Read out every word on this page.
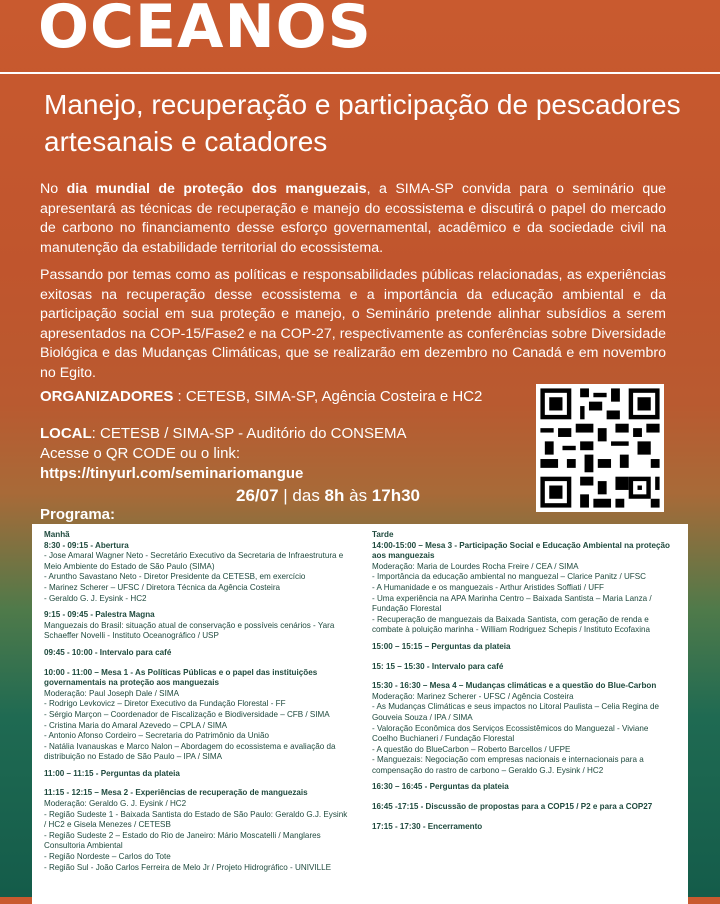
OCEANOS
Manejo, recuperação e participação de pescadores artesanais e catadores

No dia mundial de proteção dos manguezais, a SIMA-SP convida para o seminário que apresentará as técnicas de recuperação e manejo do ecossistema e discutirá o papel do mercado de carbono no financiamento desse esforço governamental, acadêmico e da sociedade civil na manutenção da estabilidade territorial do ecossistema.

Passando por temas como as políticas e responsabilidades públicas relacionadas, as experiências exitosas na recuperação desse ecossistema e a importância da educação ambiental e da participação social em sua proteção e manejo, o Seminário pretende alinhar subsídios a serem apresentados na COP-15/Fase2 e na COP-27, respectivamente as conferências sobre Diversidade Biológica e das Mudanças Climáticas, que se realizarão em dezembro no Canadá e em novembro no Egito.

ORGANIZADORES : CETESB, SIMA-SP, Agência Costeira e HC2
LOCAL: CETESB / SIMA-SP - Auditório do CONSEMA
Acesse o QR CODE ou o link:
https://tinyurl.com/seminariomangue
26/07 | das 8h às 17h30
Programa:
Manhã
8:30 - 09:15 - Abertura
- Jose Amaral Wagner Neto - Secretário Executivo da Secretaria de Infraestrutura e Meio Ambiente do Estado de São Paulo (SIMA)
- Aruntho Savastano Neto - Diretor Presidente da CETESB, em exercício
- Marinez Scherer – UFSC / Diretora Técnica da Agência Costeira
- Geraldo G. J. Eysink - HC2
9:15 - 09:45 - Palestra Magna
Manguezais do Brasil: situação atual de conservação e possíveis cenários - Yara Schaeffer Novelli - Instituto Oceanográfico / USP
09:45 - 10:00 - Intervalo para café
10:00 - 11:00 – Mesa 1 - As Políticas Públicas e o papel das instituições governamentais na proteção aos manguezais
Moderação: Paul Joseph Dale / SIMA
- Rodrigo Levkovicz – Diretor Executivo da Fundação Florestal - FF
- Sérgio Marçon – Coordenador de Fiscalização e Biodiversidade – CFB / SIMA
- Cristina Maria do Amaral Azevedo – CPLA / SIMA
- Antonio Afonso Cordeiro – Secretaria do Patrimônio da União
- Natália Ivanauskas e Marco Nalon – Abordagem do ecossistema e avaliação da distribuição no Estado de São Paulo – IPA / SIMA
11:00 – 11:15 - Perguntas da plateia
11:15 - 12:15 – Mesa 2 - Experiências de recuperação de manguezais
Moderação: Geraldo G. J. Eysink / HC2
- Região Sudeste 1 - Baixada Santista do Estado de São Paulo: Geraldo G.J. Eysink / HC2 e Gisela Menezes / CETESB
- Região Sudeste 2 – Estado do Rio de Janeiro: Mário Moscatelli / Manglares Consultoria Ambiental
- Região Nordeste – Carlos do Tote
- Região Sul - João Carlos Ferreira de Melo Jr / Projeto Hidrográfico - UNIVILLE
Tarde
14:00-15:00 – Mesa 3 - Participação Social e Educação Ambiental na proteção aos manguezais
Moderação: Maria de Lourdes Rocha Freire / CEA / SIMA
- Importância da educação ambiental no manguezal – Clarice Panitz / UFSC
- A Humanidade e os manguezais - Arthur Aristides Soffiati / UFF
- Uma experiência na APA Marinha Centro – Baixada Santista – Maria Lanza / Fundação Florestal
- Recuperação de manguezais da Baixada Santista, com geração de renda e combate à poluição marinha - William Rodriguez Schepis / Instituto Ecofaxina
15:00 – 15:15 – Perguntas da plateia
15: 15 – 15:30 - Intervalo para café
15:30 - 16:30 – Mesa 4 – Mudanças climáticas e a questão do Blue-Carbon
Moderação: Marinez Scherer - UFSC / Agência Costeira
- As Mudanças Climáticas e seus impactos no Litoral Paulista – Celia Regina de Gouveia Souza / IPA / SIMA
- Valoração Econômica dos Serviços Ecossistêmicos do Manguezal - Viviane Coelho Buchianeri / Fundação Florestal
- A questão do BlueCarbon – Roberto Barcellos / UFPE
- Manguezais: Negociação com empresas nacionais e internacionais para a compensação do rastro de carbono – Geraldo G.J. Eysink / HC2
16:30 – 16:45 - Perguntas da plateia
16:45 -17:15 - Discussão de propostas para a COP15 / P2 e para a COP27
17:15 - 17:30 - Encerramento
